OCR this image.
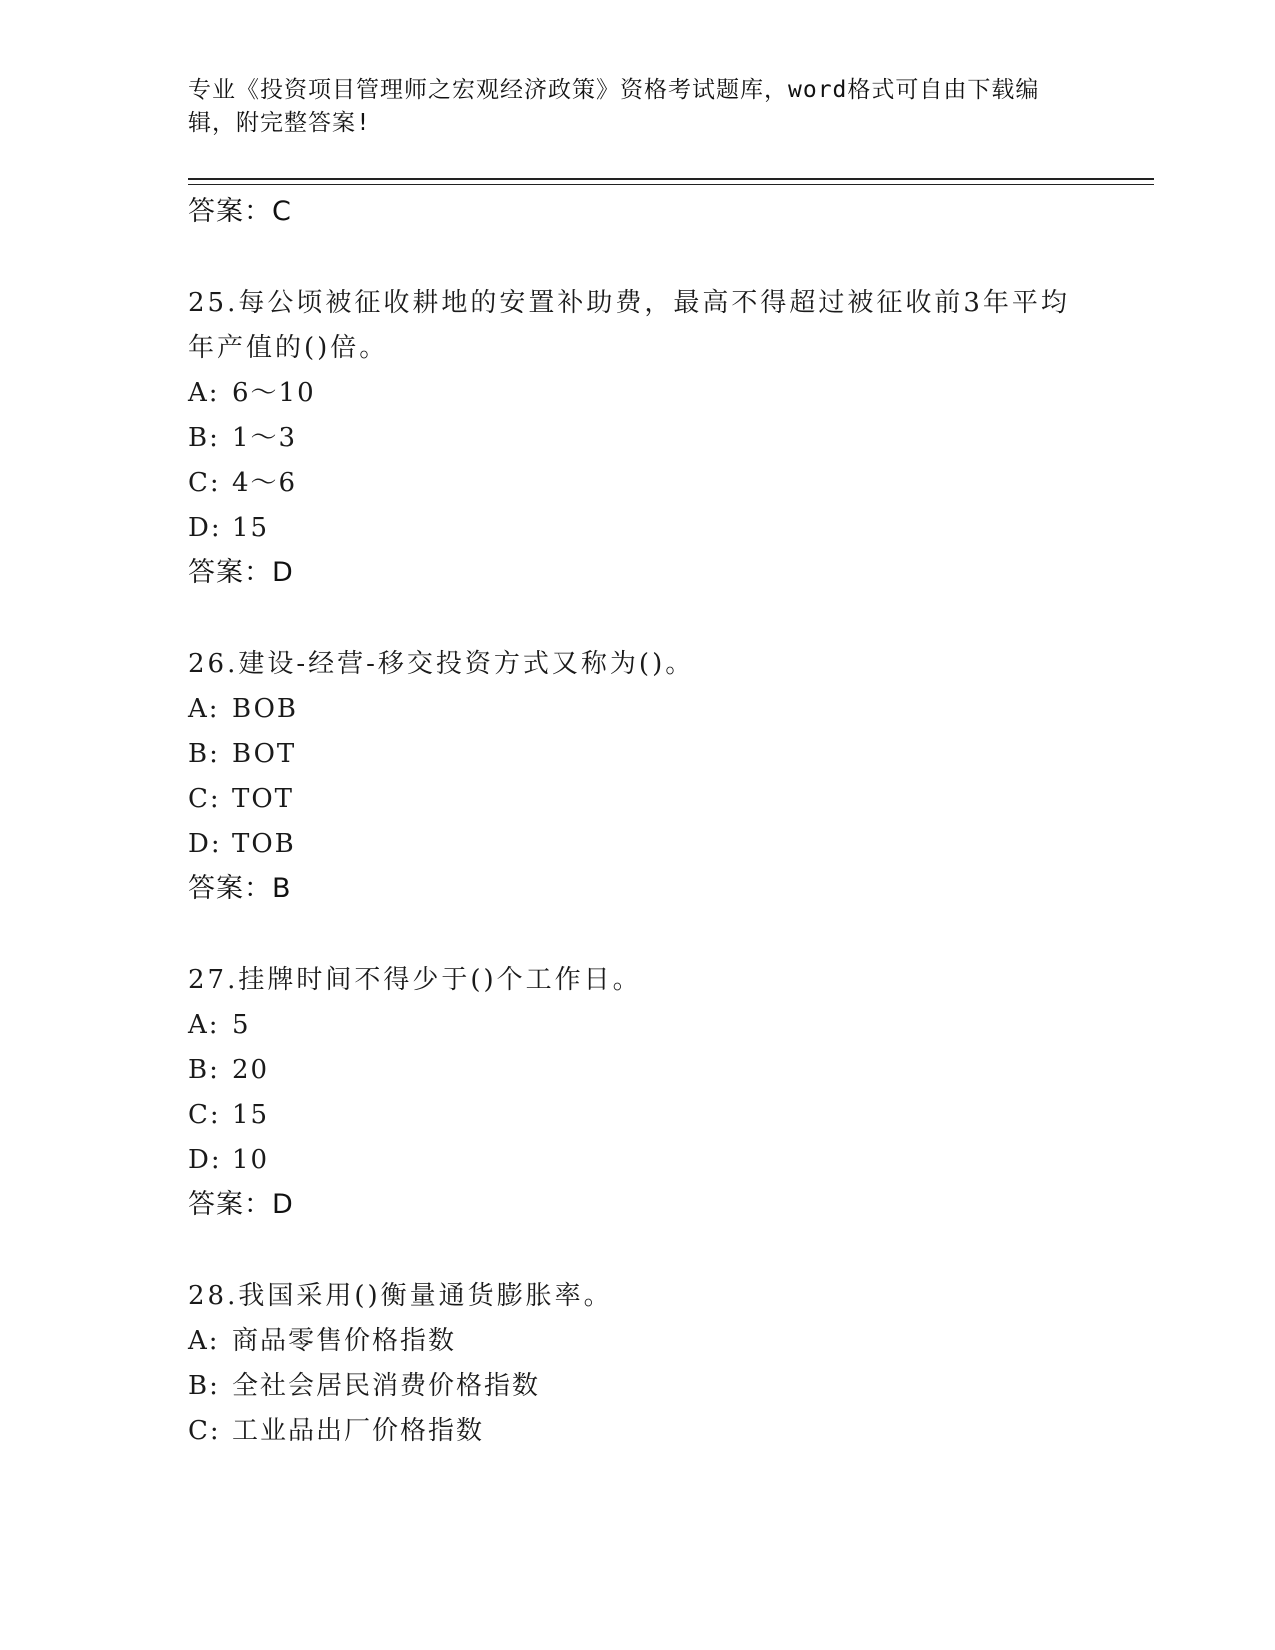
专业《投资项目管理师之宏观经济政策》资格考试题库，word格式可自由下载编辑，附完整答案!
答案：C
25.每公顷被征收耕地的安置补助费，最高不得超过被征收前3年平均年产值的()倍。
A: 6～10
B: 1～3
C: 4～6
D: 15
答案：D
26.建设-经营-移交投资方式又称为()。
A: BOB
B: BOT
C: TOT
D: TOB
答案：B
27.挂牌时间不得少于()个工作日。
A: 5
B: 20
C: 15
D: 10
答案：D
28.我国采用()衡量通货膨胀率。
A: 商品零售价格指数
B: 全社会居民消费价格指数
C: 工业品出厂价格指数
